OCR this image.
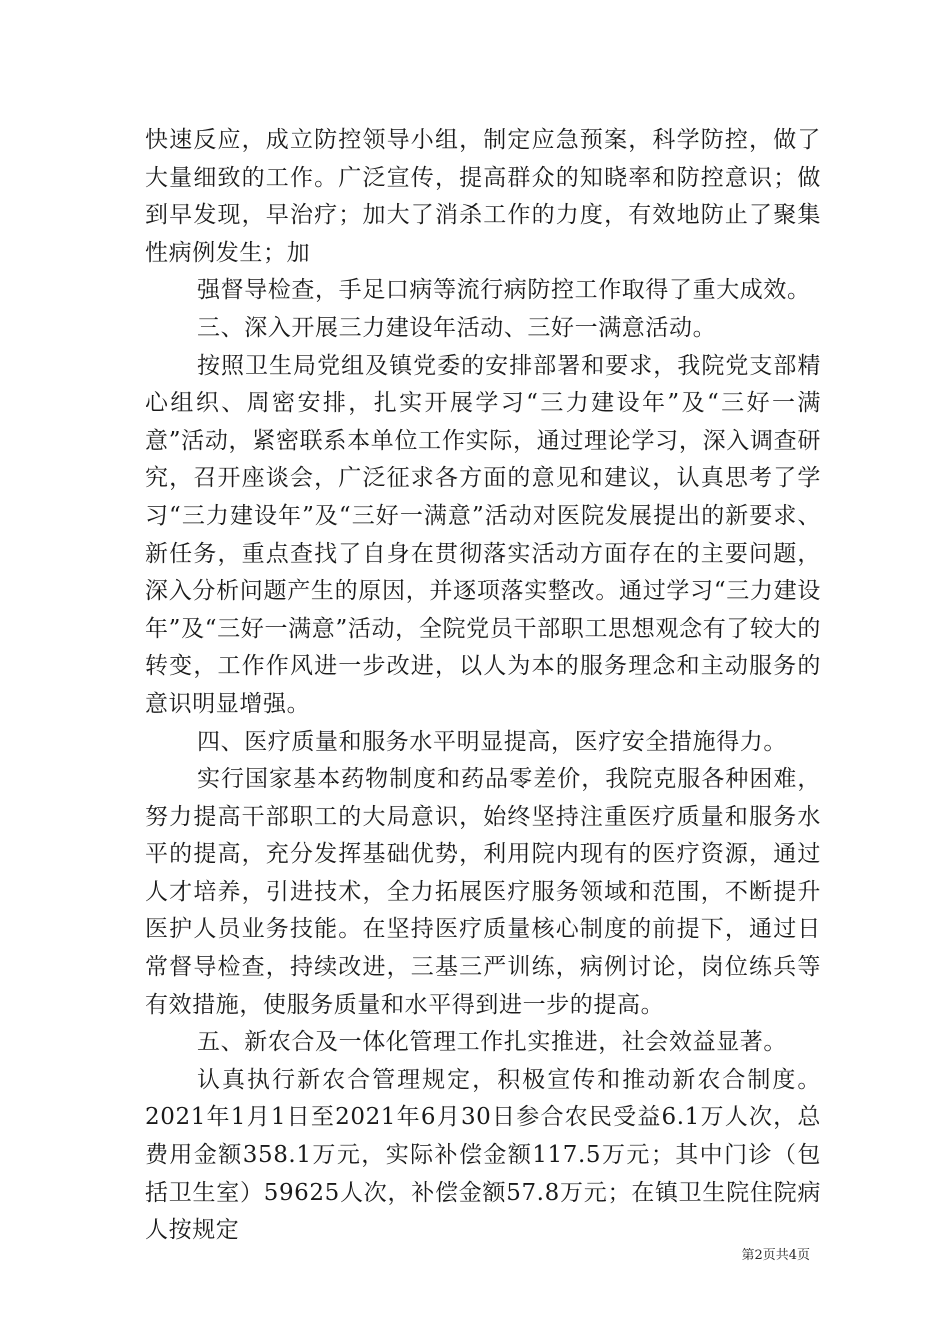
快速反应，成立防控领导小组，制定应急预案，科学防控，做了大量细致的工作。广泛宣传，提高群众的知晓率和防控意识；做到早发现，早治疗；加大了消杀工作的力度，有效地防止了聚集性病例发生；加

强督导检查，手足口病等流行病防控工作取得了重大成效。

三、深入开展三力建设年活动、三好一满意活动。

按照卫生局党组及镇党委的安排部署和要求，我院党支部精心组织、周密安排，扎实开展学习“三力建设年”及“三好一满意”活动，紧密联系本单位工作实际，通过理论学习，深入调查研究，召开座谈会，广泛征求各方面的意见和建议，认真思考了学习“三力建设年”及“三好一满意”活动对医院发展提出的新要求、新任务，重点查找了自身在贯彻落实活动方面存在的主要问题，深入分析问题产生的原因，并逐项落实整改。通过学习“三力建设年”及“三好一满意”活动，全院党员干部职工思想观念有了较大的转变，工作作风进一步改进，以人为本的服务理念和主动服务的意识明显增强。

四、医疗质量和服务水平明显提高，医疗安全措施得力。

实行国家基本药物制度和药品零差价，我院克服各种困难，努力提高干部职工的大局意识，始终坚持注重医疗质量和服务水平的提高，充分发挥基础优势，利用院内现有的医疗资源，通过人才培养，引进技术，全力拓展医疗服务领域和范围，不断提升医护人员业务技能。在坚持医疗质量核心制度的前提下，通过日常督导检查，持续改进，三基三严训练，病例讨论，岗位练兵等有效措施，使服务质量和水平得到进一步的提高。

五、新农合及一体化管理工作扎实推进，社会效益显著。

认真执行新农合管理规定，积极宣传和推动新农合制度。2021年1月1日至2021年6月30日参合农民受益6.1万人次，总费用金额358.1万元，实际补偿金额117.5万元；其中门诊（包括卫生室）59625人次，补偿金额57.8万元；在镇卫生院住院病人按规定

第2页共4页
